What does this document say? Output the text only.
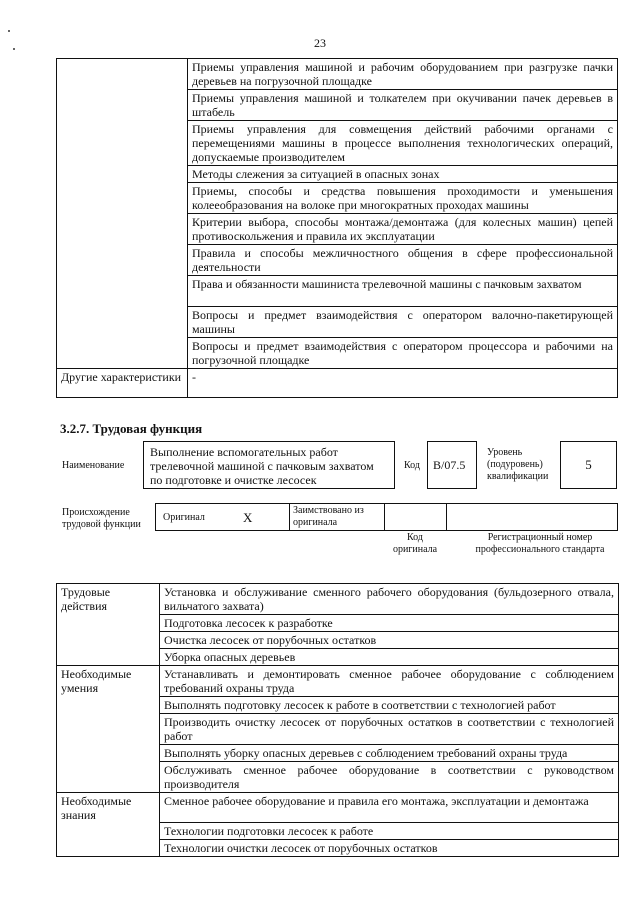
23
	Приемы управления машиной и рабочим оборудованием при разгрузке пачки деревьев на погрузочной площадке
	Приемы управления машиной и толкателем при окучивании пачек деревьев в штабель
	Приемы управления для совмещения действий рабочими органами с перемещениями машины в процессе выполнения технологических операций, допускаемые производителем
	Методы слежения за ситуацией в опасных зонах
	Приемы, способы и средства повышения проходимости и уменьшения колееобразования на волоке при многократных проходах машины
	Критерии выбора, способы монтажа/демонтажа (для колесных машин) цепей противоскольжения и правила их эксплуатации
	Правила и способы межличностного общения в сфере профессиональной деятельности
	Права и обязанности машиниста трелевочной машины с пачковым захватом
	Вопросы и предмет взаимодействия с оператором валочно-пакетирующей машины
	Вопросы и предмет взаимодействия с оператором процессора и рабочими на погрузочной площадке
Другие характеристики	-
3.2.7. Трудовая функция
Наименование
Выполнение вспомогательных работ трелевочной машиной с пачковым захватом по подготовке и очистке лесосек
Код B/07.5
Уровень (подуровень) квалификации
5
Происхождение трудовой функции
Оригинал	X	Заимствовано из оригинала
Код оригинала
Регистрационный номер профессионального стандарта
Трудовые действия	Установка и обслуживание сменного рабочего оборудования (бульдозерного отвала, вильчатого захвата)
	Подготовка лесосек к разработке
	Очистка лесосек от порубочных остатков
	Уборка опасных деревьев
Необходимые умения	Устанавливать и демонтировать сменное рабочее оборудование с соблюдением требований охраны труда
	Выполнять подготовку лесосек к работе в соответствии с технологией работ
	Производить очистку лесосек от порубочных остатков в соответствии с технологией работ
	Выполнять уборку опасных деревьев с соблюдением требований охраны труда
	Обслуживать сменное рабочее оборудование в соответствии с руководством производителя
Необходимые знания	Сменное рабочее оборудование и правила его монтажа, эксплуатации и демонтажа
	Технологии подготовки лесосек к работе
	Технологии очистки лесосек от порубочных остатков
